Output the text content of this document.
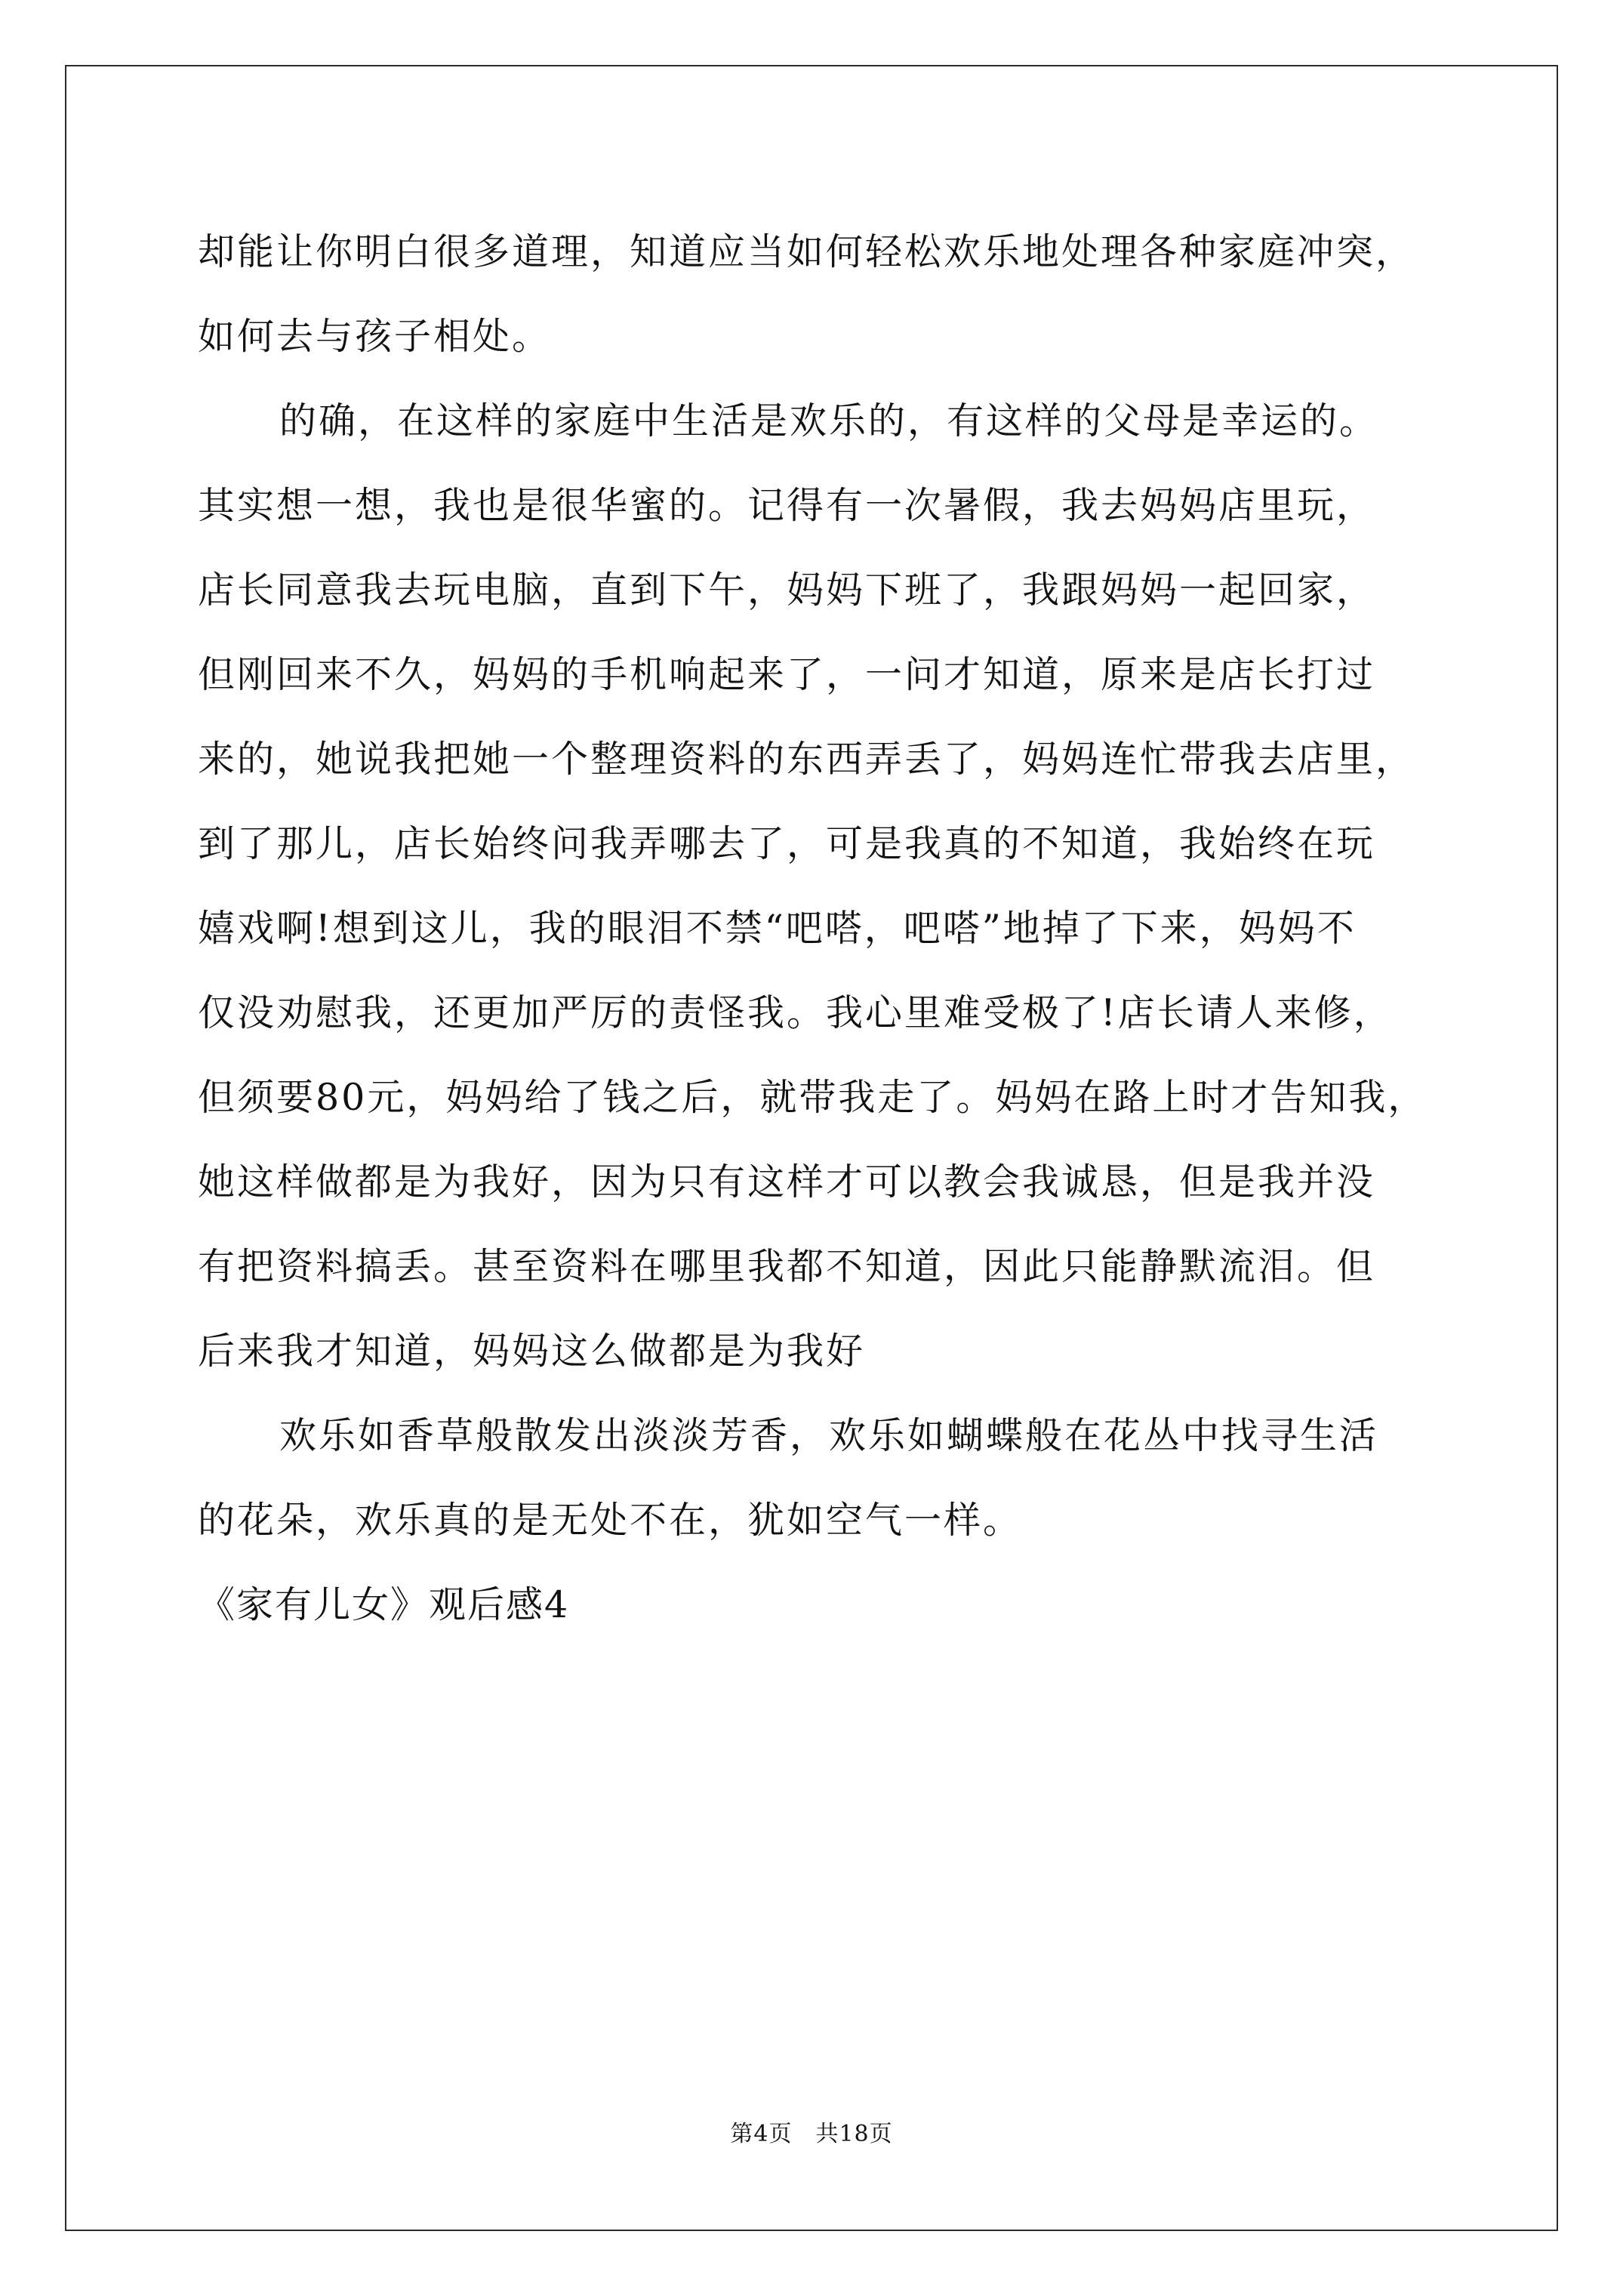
却能让你明白很多道理，知道应当如何轻松欢乐地处理各种家庭冲突，
如何去与孩子相处。
的确，在这样的家庭中生活是欢乐的，有这样的父母是幸运的。
其实想一想，我也是很华蜜的。记得有一次暑假，我去妈妈店里玩，
店长同意我去玩电脑，直到下午，妈妈下班了，我跟妈妈一起回家，
但刚回来不久，妈妈的手机响起来了，一问才知道，原来是店长打过
来的，她说我把她一个整理资料的东西弄丢了，妈妈连忙带我去店里，
到了那儿，店长始终问我弄哪去了，可是我真的不知道，我始终在玩
嬉戏啊!想到这儿，我的眼泪不禁“吧嗒，吧嗒”地掉了下来，妈妈不
仅没劝慰我，还更加严厉的责怪我。我心里难受极了!店长请人来修，
但须要80元，妈妈给了钱之后，就带我走了。妈妈在路上时才告知我，
她这样做都是为我好，因为只有这样才可以教会我诚恳，但是我并没
有把资料搞丢。甚至资料在哪里我都不知道，因此只能静默流泪。但
后来我才知道，妈妈这么做都是为我好
欢乐如香草般散发出淡淡芳香，欢乐如蝴蝶般在花丛中找寻生活
的花朵，欢乐真的是无处不在，犹如空气一样。
《家有儿女》观后感4
第4页　共18页
